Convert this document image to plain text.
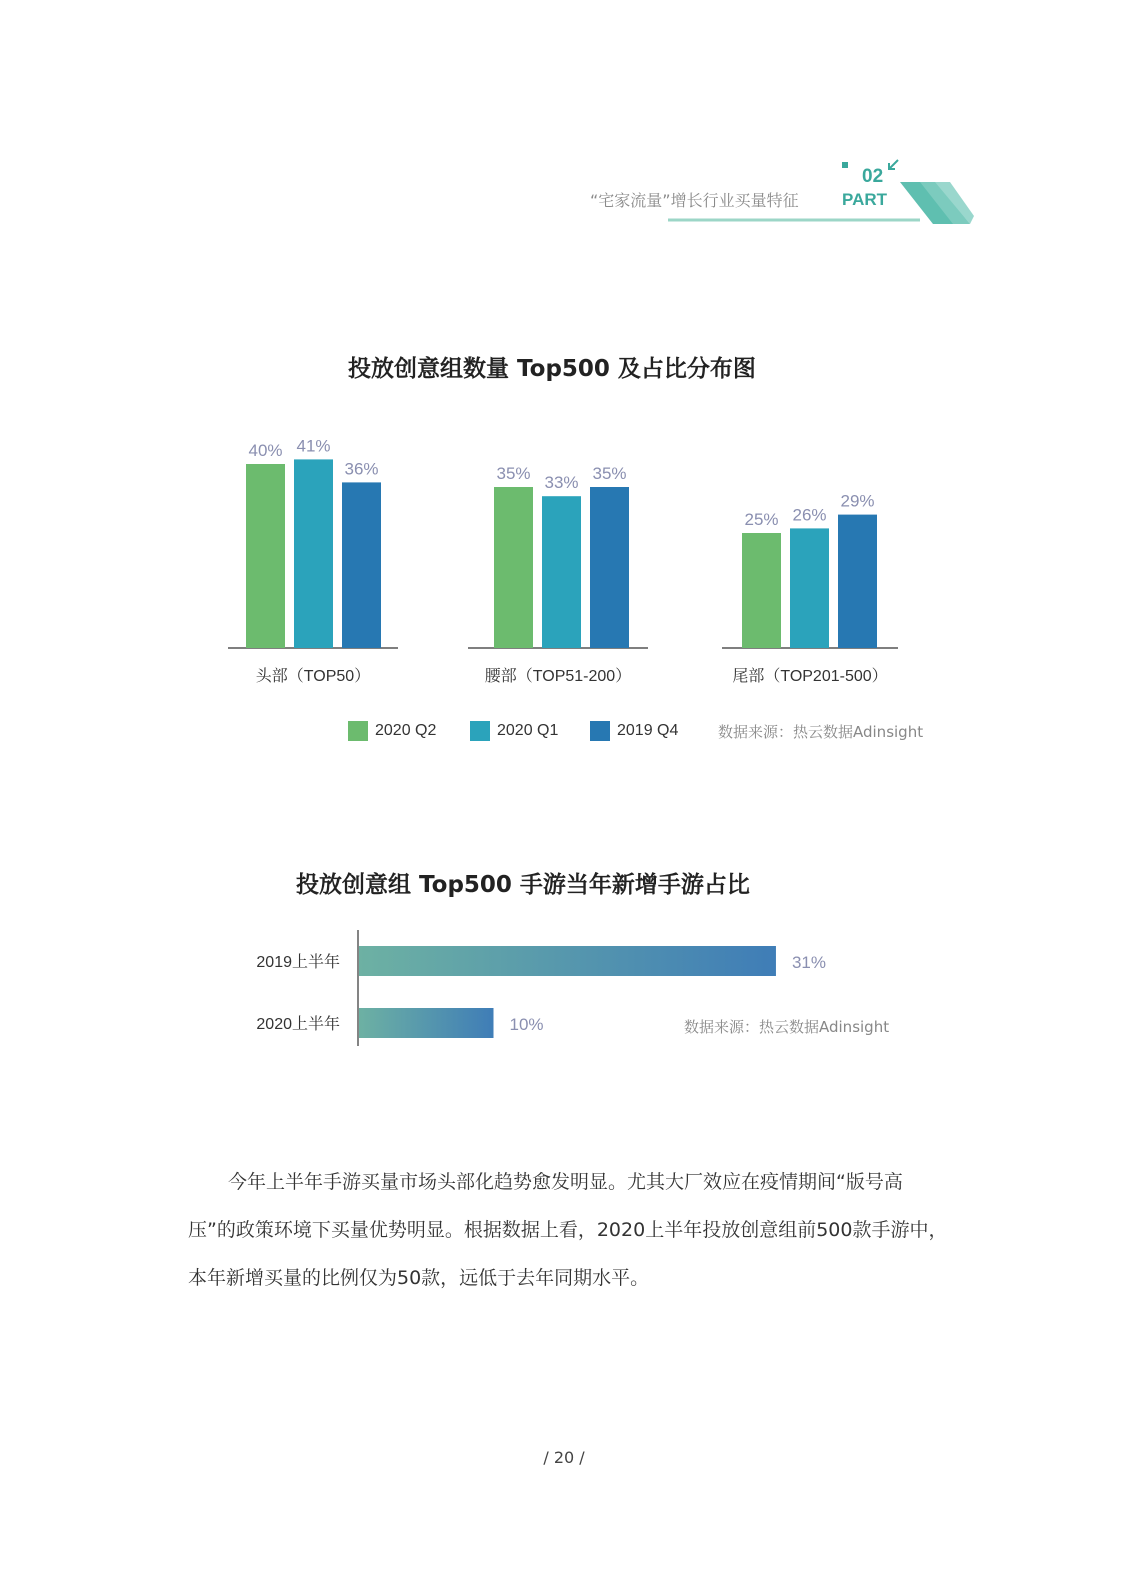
“宅家流量”增长行业买量特征
02
PART
投放创意组数量 Top500 及占比分布图
40% 41%
36%
头部（TOP50）
35% 33% 35%
腰部（TOP51-200）
25% 26%
29%
尾部（TOP201-500）
2020 Q2	2020 Q1	2019 Q4	数据来源：热云数据Adinsight
投放创意组 Top500 手游当年新增手游占比
2019上半年	31%
2020上半年	10%	数据来源：热云数据Adinsight

今年上半年手游买量市场头部化趋势愈发明显。尤其大厂效应在疫情期间“版号高压”的政策环境下买量优势明显。根据数据上看，2020上半年投放创意组前500款手游中，本年新增买量的比例仅为50款，远低于去年同期水平。

/ 20 /
